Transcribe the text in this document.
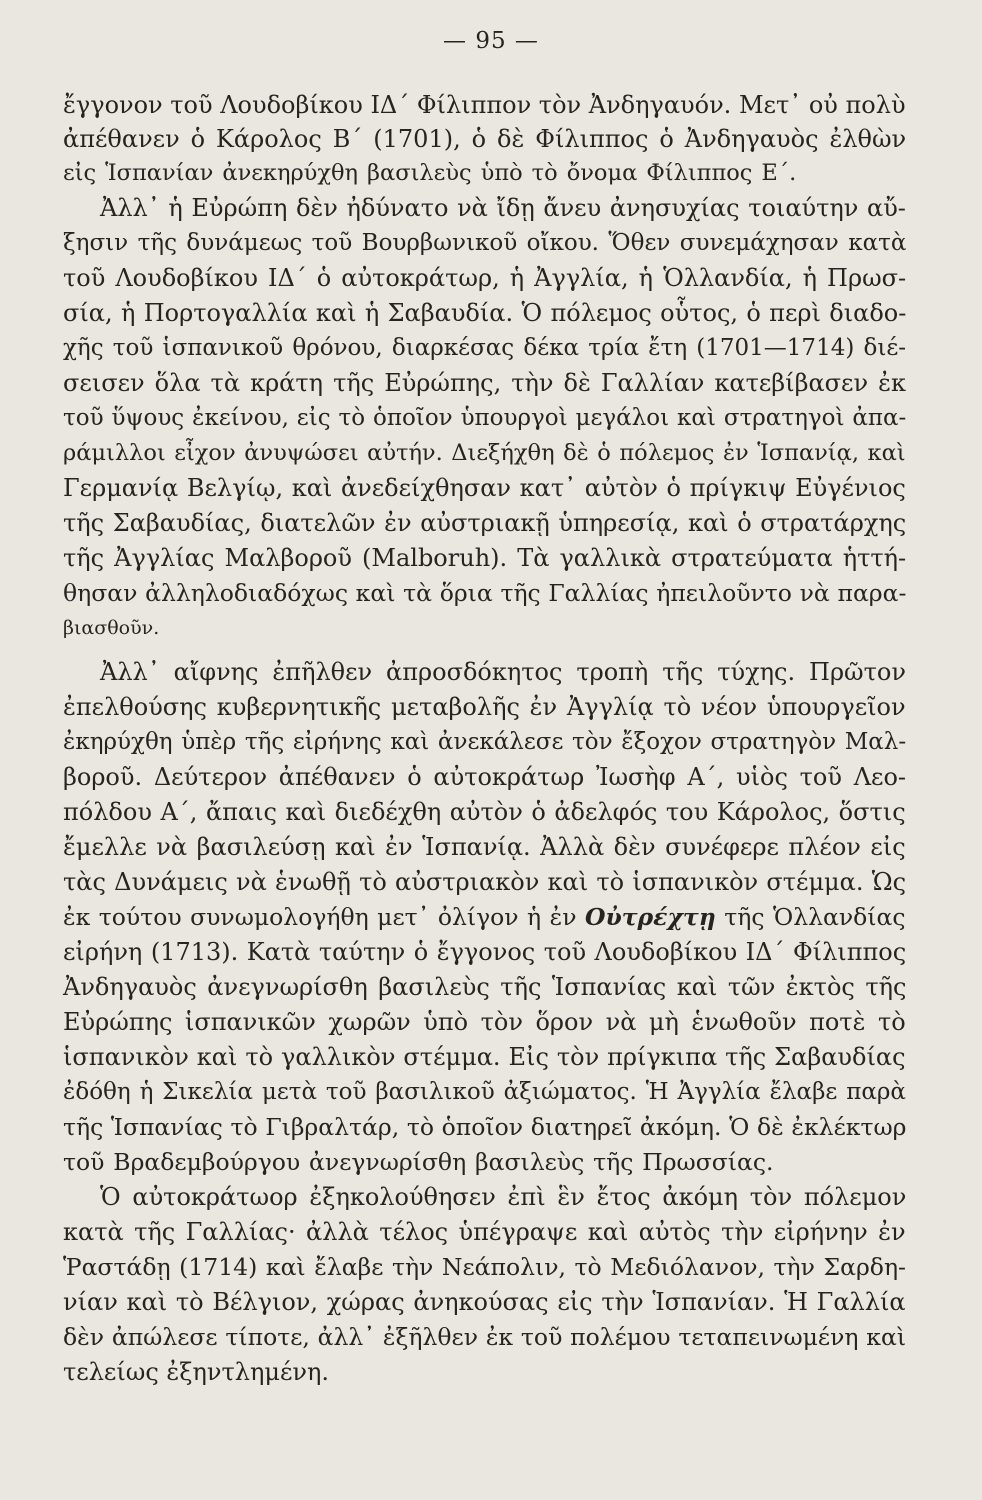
— 95 —
ἔγγονον τοῦ Λουδοβίκου ΙΔ΄ Φίλιππον τὸν Ἀνδηγαυόν. Μετ᾽ οὐ πολὺ
ἀπέθανεν ὁ Κάρολος Β΄ (1701), ὁ δὲ Φίλιππος ὁ Ἀνδηγαυὸς ἐλθὼν
εἰς Ἱσπανίαν ἀνεκηρύχθη βασιλεὺς ὑπὸ τὸ ὄνομα Φίλιππος Ε΄.
Ἀλλ᾽ ἡ Εὐρώπη δὲν ἠδύνατο νὰ ἴδῃ ἄνευ ἀνησυχίας τοιαύτην αὔ-
ξησιν τῆς δυνάμεως τοῦ Βουρβωνικοῦ οἴκου. Ὅθεν συνεμάχησαν κατὰ
τοῦ Λουδοβίκου ΙΔ΄ ὁ αὐτοκράτωρ, ἡ Ἀγγλία, ἡ Ὁλλανδία, ἡ Πρωσ-
σία, ἡ Πορτογαλλία καὶ ἡ Σαβαυδία. Ὁ πόλεμος οὗτος, ὁ περὶ διαδο-
χῆς τοῦ ἱσπανικοῦ θρόνου, διαρκέσας δέκα τρία ἔτη (1701—1714) διέ-
σεισεν ὅλα τὰ κράτη τῆς Εὐρώπης, τὴν δὲ Γαλλίαν κατεβίβασεν ἐκ
τοῦ ὕψους ἐκείνου, εἰς τὸ ὁποῖον ὑπουργοὶ μεγάλοι καὶ στρατηγοὶ ἀπα-
ράμιλλοι εἶχον ἀνυψώσει αὐτήν. Διεξήχθη δὲ ὁ πόλεμος ἐν Ἱσπανίᾳ, καὶ
Γερμανίᾳ Βελγίῳ, καὶ ἀνεδείχθησαν κατ᾽ αὐτὸν ὁ πρίγκιψ Εὐγένιος
τῆς Σαβαυδίας, διατελῶν ἐν αὐστριακῇ ὑπηρεσίᾳ, καὶ ὁ στρατάρχης
τῆς Ἀγγλίας Μαλβοροῦ (Malboruh). Τὰ γαλλικὰ στρατεύματα ἡττή-
θησαν ἀλληλοδιαδόχως καὶ τὰ ὅρια τῆς Γαλλίας ἠπειλοῦντο νὰ παρα-
βιασθοῦν.
Ἀλλ᾽ αἴφνης ἐπῆλθεν ἀπροσδόκητος τροπὴ τῆς τύχης. Πρῶτον
ἐπελθούσης κυβερνητικῆς μεταβολῆς ἐν Ἀγγλίᾳ τὸ νέον ὑπουργεῖον
ἐκηρύχθη ὑπὲρ τῆς εἰρήνης καὶ ἀνεκάλεσε τὸν ἔξοχον στρατηγὸν Μαλ-
βοροῦ. Δεύτερον ἀπέθανεν ὁ αὐτοκράτωρ Ἰωσὴφ Α΄, υἱὸς τοῦ Λεο-
πόλδου Α΄, ἄπαις καὶ διεδέχθη αὐτὸν ὁ ἀδελφός του Κάρολος, ὅστις
ἔμελλε νὰ βασιλεύσῃ καὶ ἐν Ἱσπανίᾳ. Ἀλλὰ δὲν συνέφερε πλέον εἰς
τὰς Δυνάμεις νὰ ἑνωθῇ τὸ αὐστριακὸν καὶ τὸ ἱσπανικὸν στέμμα. Ὡς
ἐκ τούτου συνωμολογήθη μετ᾽ ὀλίγον ἡ ἐν Οὐτρέχτῃ τῆς Ὁλλανδίας
εἰρήνη (1713). Κατὰ ταύτην ὁ ἔγγονος τοῦ Λουδοβίκου ΙΔ΄ Φίλιππος
Ἀνδηγαυὸς ἀνεγνωρίσθη βασιλεὺς τῆς Ἱσπανίας καὶ τῶν ἐκτὸς τῆς
Εὐρώπης ἱσπανικῶν χωρῶν ὑπὸ τὸν ὅρον νὰ μὴ ἑνωθοῦν ποτὲ τὸ
ἱσπανικὸν καὶ τὸ γαλλικὸν στέμμα. Εἰς τὸν πρίγκιπα τῆς Σαβαυδίας
ἐδόθη ἡ Σικελία μετὰ τοῦ βασιλικοῦ ἀξιώματος. Ἡ Ἀγγλία ἔλαβε παρὰ
τῆς Ἱσπανίας τὸ Γιβραλτάρ, τὸ ὁποῖον διατηρεῖ ἀκόμη. Ὁ δὲ ἐκλέκτωρ
τοῦ Βραδεμβούργου ἀνεγνωρίσθη βασιλεὺς τῆς Πρωσσίας.
Ὁ αὐτοκράτωορ ἐξηκολούθησεν ἐπὶ ἓν ἔτος ἀκόμη τὸν πόλεμον
κατὰ τῆς Γαλλίας· ἀλλὰ τέλος ὑπέγραψε καὶ αὐτὸς τὴν εἰρήνην ἐν
Ῥαστάδῃ (1714) καὶ ἔλαβε τὴν Νεάπολιν, τὸ Μεδιόλανον, τὴν Σαρδη-
νίαν καὶ τὸ Βέλγιον, χώρας ἀνηκούσας εἰς τὴν Ἱσπανίαν. Ἡ Γαλλία
δὲν ἀπώλεσε τίποτε, ἀλλ᾽ ἐξῆλθεν ἐκ τοῦ πολέμου τεταπεινωμένη καὶ
τελείως ἐξηντλημένη.
